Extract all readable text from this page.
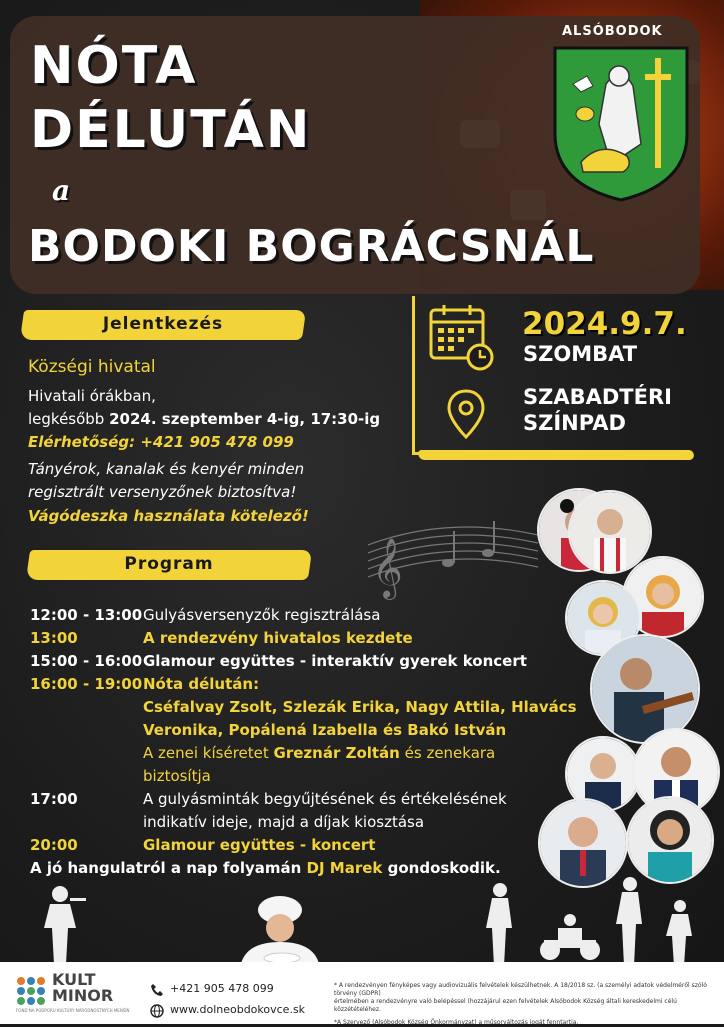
NÓTA
DÉLUTÁN
a
BODOKI BOGRÁCSNÁL
ALSÓBODOK
Jelentkezés
Községi hivatal
Hivatali órákban,
legkésőbb 2024. szeptember 4-ig, 17:30-ig
Elérhetőség: +421 905 478 099
Tányérok, kanalak és kenyér minden
regisztrált versenyzőnek biztosítva!
Vágódeszka használata kötelező!
2024.9.7.
SZOMBAT
SZABADTÉRI
SZÍNPAD
Program	𝄞
12:00 - 13:00 Gulyásversenyzők regisztrálása
13:00	A rendezvény hivatalos kezdete
15:00 - 16:00 Glamour együttes - interaktív gyerek koncert
16:00 - 19:00 Nóta délután:
Cséfalvay Zsolt, Szlezák Erika, Nagy Attila, Hlavács
Veronika, Popálená Izabella és Bakó István
A zenei kíséretet Greznár Zoltán és zenekara
biztosítja
17:00	A gulyásminták begyűjtésének és értékelésének
indikatív ideje, majd a díjak kiosztása
20:00	Glamour együttes - koncert
A jó hangulatról a nap folyamán DJ Marek gondoskodik.
KULT
MINOR
FOND NA PODPORU KULTÚRY NÁRODNOSTNÝCH MENŠÍN
+421 905 478 099
www.dolneobdokovce.sk
* A rendezvényen fényképes vagy audiovizuális felvételek készülhetnek. A 18/2018 sz. (a személyi adatok védelméről szóló törvény (GDPR)
értelmében a rendezvényre való belépéssel (hozzájárul ezen felvételek Alsóbodok Község általi kereskedelmi célú közzétételéhez.
*A Szervező (Alsóbodok Község Önkormányzat) a műsorváltozás jogát fenntartja.
